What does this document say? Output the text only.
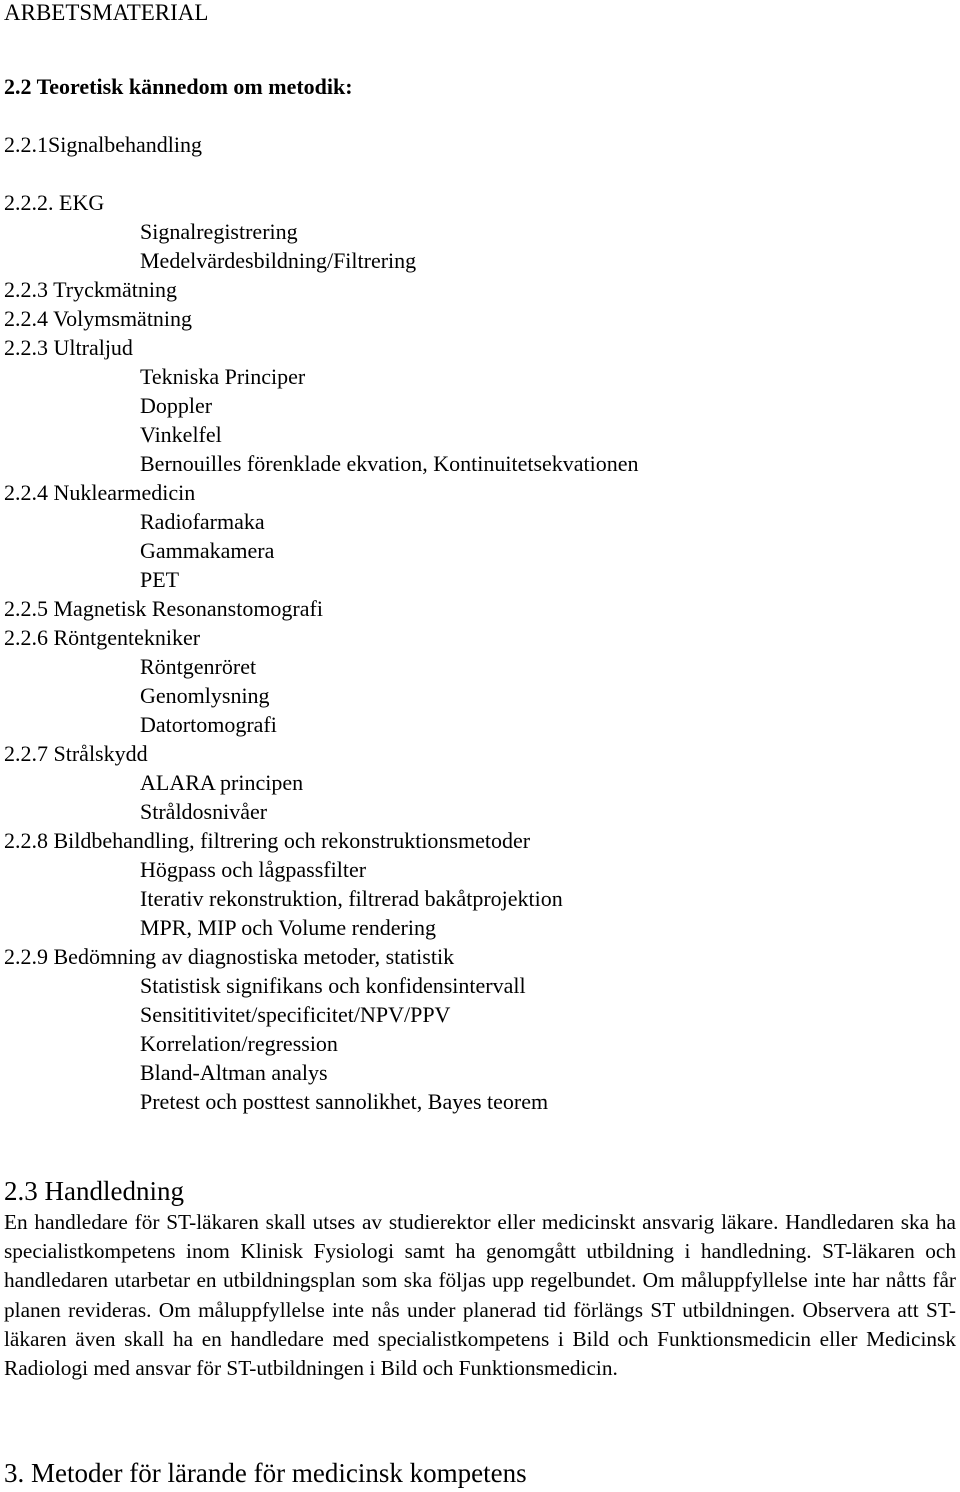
ARBETSMATERIAL
2.2 Teoretisk kännedom om metodik:
2.2.1Signalbehandling
2.2.2. EKG
Signalregistrering
Medelvärdesbildning/Filtrering
2.2.3 Tryckmätning
2.2.4 Volymsmätning
2.2.3 Ultraljud
Tekniska Principer
Doppler
Vinkelfel
Bernouilles förenklade ekvation, Kontinuitetsekvationen
2.2.4 Nuklearmedicin
Radiofarmaka
Gammakamera
PET
2.2.5 Magnetisk Resonanstomografi
2.2.6 Röntgentekniker
Röntgenröret
Genomlysning
Datortomografi
2.2.7 Strålskydd
ALARA principen
Stråldosnivåer
2.2.8 Bildbehandling, filtrering och rekonstruktionsmetoder
Högpass och lågpassfilter
Iterativ rekonstruktion, filtrerad bakåtprojektion
MPR, MIP och Volume rendering
2.2.9 Bedömning av diagnostiska metoder, statistik
Statistisk signifikans och konfidensintervall
Sensititivitet/specificitet/NPV/PPV
Korrelation/regression
Bland-Altman analys
Pretest och posttest sannolikhet, Bayes teorem
2.3 Handledning
En handledare för ST-läkaren skall utses av studierektor eller medicinskt ansvarig läkare. Handledaren ska ha specialistkompetens inom Klinisk Fysiologi samt ha genomgått utbildning i handledning. ST-läkaren och handledaren utarbetar en utbildningsplan som ska följas upp regelbundet. Om måluppfyllelse inte har nåtts får planen revideras. Om måluppfyllelse inte nås under planerad tid förlängs ST utbildningen. Observera att ST-läkaren även skall ha en handledare med specialistkompetens i Bild och Funktionsmedicin eller Medicinsk Radiologi med ansvar för ST-utbildningen i Bild och Funktionsmedicin.
3. Metoder för lärande för medicinsk kompetens
